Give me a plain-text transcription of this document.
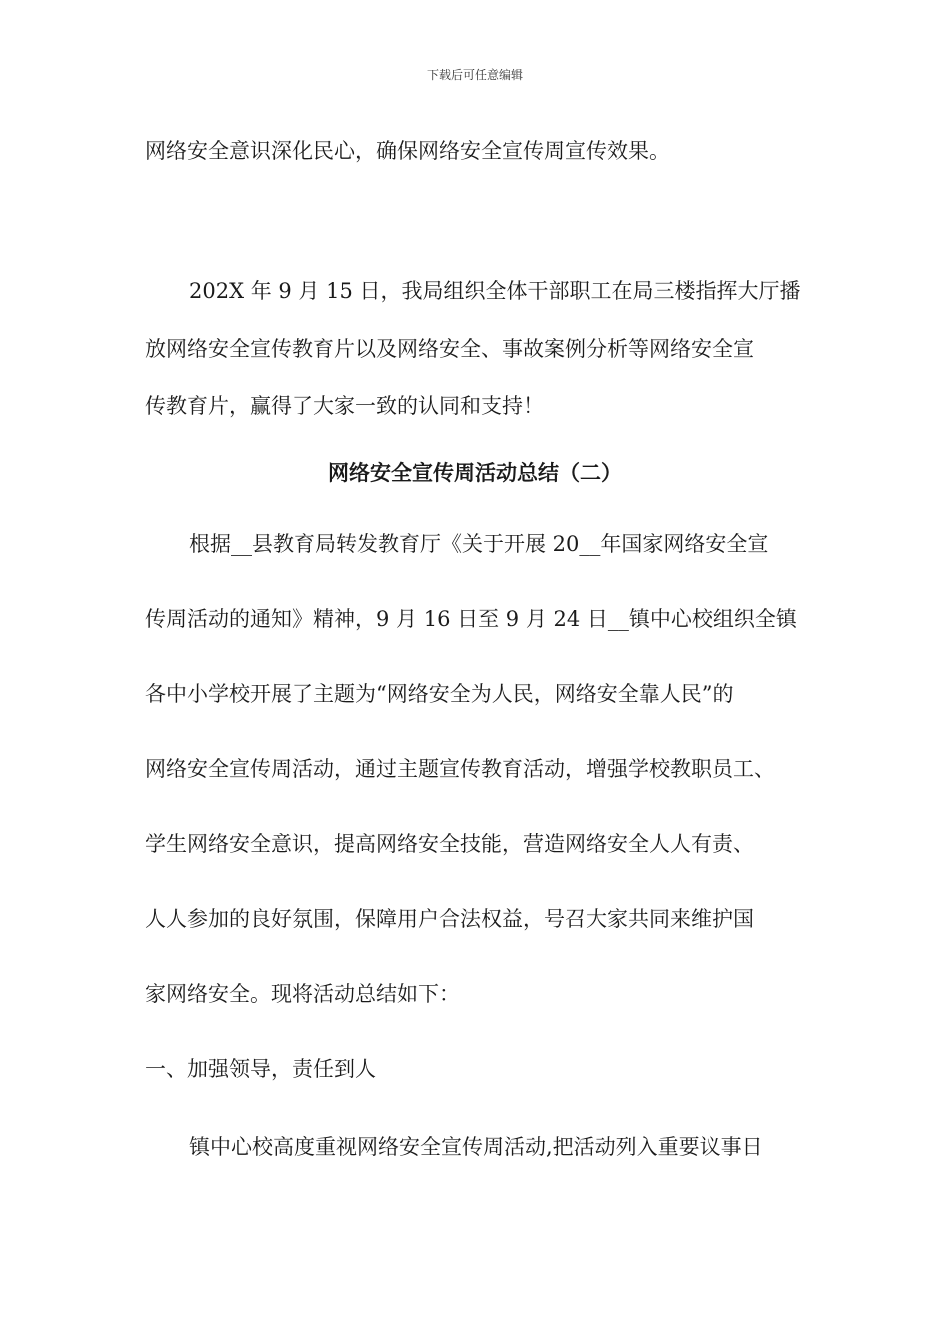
下载后可任意编辑
网络安全意识深化民心，确保网络安全宣传周宣传效果。
202X 年 9 月 15 日，我局组织全体干部职工在局三楼指挥大厅播
放网络安全宣传教育片以及网络安全、事故案例分析等网络安全宣
传教育片，赢得了大家一致的认同和支持！
网络安全宣传周活动总结（二）
根据__县教育局转发教育厅《关于开展 20__年国家网络安全宣
传周活动的通知》精神，9 月 16 日至 9 月 24 日__镇中心校组织全镇
各中小学校开展了主题为“网络安全为人民，网络安全靠人民”的
网络安全宣传周活动，通过主题宣传教育活动，增强学校教职员工、
学生网络安全意识，提高网络安全技能，营造网络安全人人有责、
人人参加的良好氛围，保障用户合法权益，号召大家共同来维护国
家网络安全。现将活动总结如下：
一、加强领导，责任到人
镇中心校高度重视网络安全宣传周活动,把活动列入重要议事日
